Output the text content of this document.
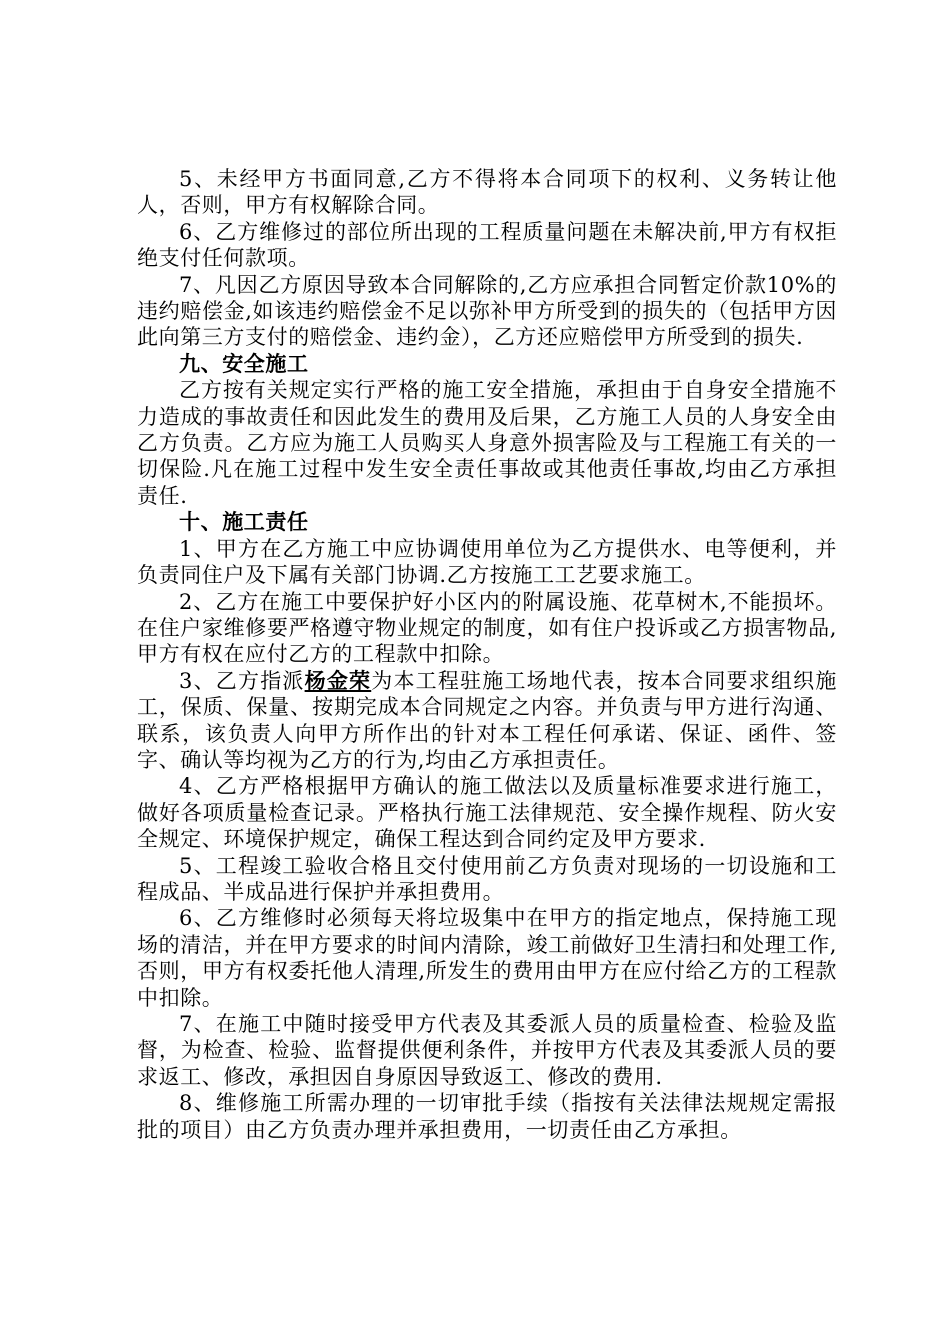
5、未经甲方书面同意,乙方不得将本合同项下的权利、义务转让他人，否则，甲方有权解除合同。

6、乙方维修过的部位所出现的工程质量问题在未解决前,甲方有权拒绝支付任何款项。

7、凡因乙方原因导致本合同解除的,乙方应承担合同暂定价款10%的违约赔偿金,如该违约赔偿金不足以弥补甲方所受到的损失的（包括甲方因此向第三方支付的赔偿金、违约金），乙方还应赔偿甲方所受到的损失.

九、安全施工

乙方按有关规定实行严格的施工安全措施，承担由于自身安全措施不力造成的事故责任和因此发生的费用及后果，乙方施工人员的人身安全由乙方负责。乙方应为施工人员购买人身意外损害险及与工程施工有关的一切保险.凡在施工过程中发生安全责任事故或其他责任事故,均由乙方承担责任.

十、施工责任

1、甲方在乙方施工中应协调使用单位为乙方提供水、电等便利，并负责同住户及下属有关部门协调.乙方按施工工艺要求施工。

2、乙方在施工中要保护好小区内的附属设施、花草树木,不能损坏。在住户家维修要严格遵守物业规定的制度，如有住户投诉或乙方损害物品,甲方有权在应付乙方的工程款中扣除。

3、乙方指派杨金荣为本工程驻施工场地代表，按本合同要求组织施工，保质、保量、按期完成本合同规定之内容。并负责与甲方进行沟通、联系，该负责人向甲方所作出的针对本工程任何承诺、保证、函件、签字、确认等均视为乙方的行为,均由乙方承担责任。

4、乙方严格根据甲方确认的施工做法以及质量标准要求进行施工，做好各项质量检查记录。严格执行施工法律规范、安全操作规程、防火安全规定、环境保护规定，确保工程达到合同约定及甲方要求.

5、工程竣工验收合格且交付使用前乙方负责对现场的一切设施和工程成品、半成品进行保护并承担费用。

6、乙方维修时必须每天将垃圾集中在甲方的指定地点，保持施工现场的清洁，并在甲方要求的时间内清除，竣工前做好卫生清扫和处理工作,否则，甲方有权委托他人清理,所发生的费用由甲方在应付给乙方的工程款中扣除。

7、在施工中随时接受甲方代表及其委派人员的质量检查、检验及监督，为检查、检验、监督提供便利条件，并按甲方代表及其委派人员的要求返工、修改，承担因自身原因导致返工、修改的费用.

8、维修施工所需办理的一切审批手续（指按有关法律法规规定需报批的项目）由乙方负责办理并承担费用，一切责任由乙方承担。
